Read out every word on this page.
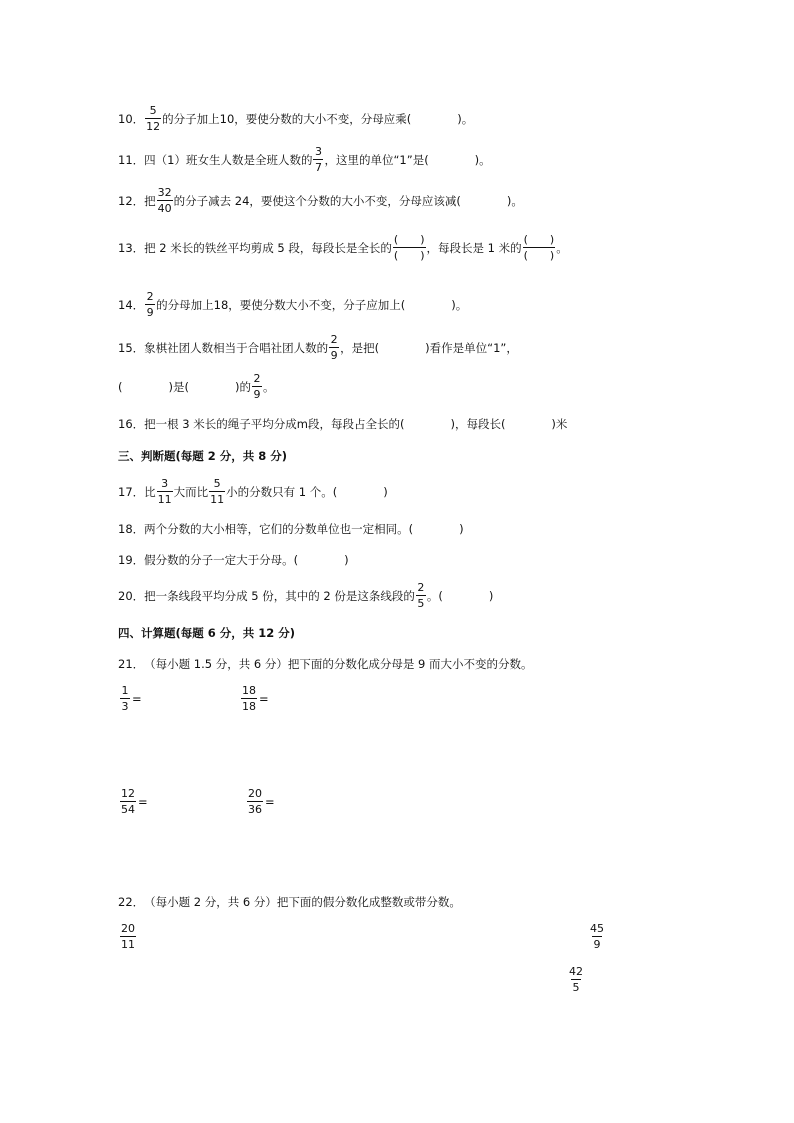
10． $\frac{5}{12}$ 的分子加上10，要使分数的大小不变，分母应乘(　　　　)。
11． 四（1）班女生人数是全班人数的 $\frac{3}{7}$ ，这里的单位“1”是(　　　　)。
12． 把 $\frac{32}{40}$ 的分子减去 24，要使这个分数的大小不变，分母应该减(　　　　)。
13． 把 2 米长的铁丝平均剪成 5 段，每段长是全长的 $\frac{( )}{( )}$ ，每段长是 1 米的 $\frac{( )}{( )}$ 。
14． $\frac{2}{9}$ 的分母加上18，要使分数大小不变，分子应加上(　　　　)。
15． 象棋社团人数相当于合唱社团人数的 $\frac{2}{9}$ ，是把(　　　　)看作是单位“1”，
(　　　　)是(　　　　)的 $\frac{2}{9}$ 。
16． 把一根 3 米长的绳子平均分成m段，每段占全长的(　　　　)，每段长(　　　　)米
三、判断题(每题 2 分，共 8 分)
17． 比 $\frac{3}{11}$ 大而比 $\frac{5}{11}$ 小的分数只有 1 个。(　　　　)
18． 两个分数的大小相等，它们的分数单位也一定相同。(　　　　)
19． 假分数的分子一定大于分母。(　　　　)
20． 把一条线段平均分成 5 份，其中的 2 份是这条线段的 $\frac{2}{5}$ 。(　　　　)
四、计算题(每题 6 分，共 12 分)
21． （每小题 1.5 分，共 6 分）把下面的分数化成分母是 9 而大小不变的分数。
$\frac{1}{3}$ =	$\frac{18}{18}$ =
$\frac{12}{54}$ =	$\frac{20}{36}$ =
22． （每小题 2 分，共 6 分）把下面的假分数化成整数或带分数。
$\frac{20}{11}$	$\frac{45}{9}$
$\frac{42}{5}$
